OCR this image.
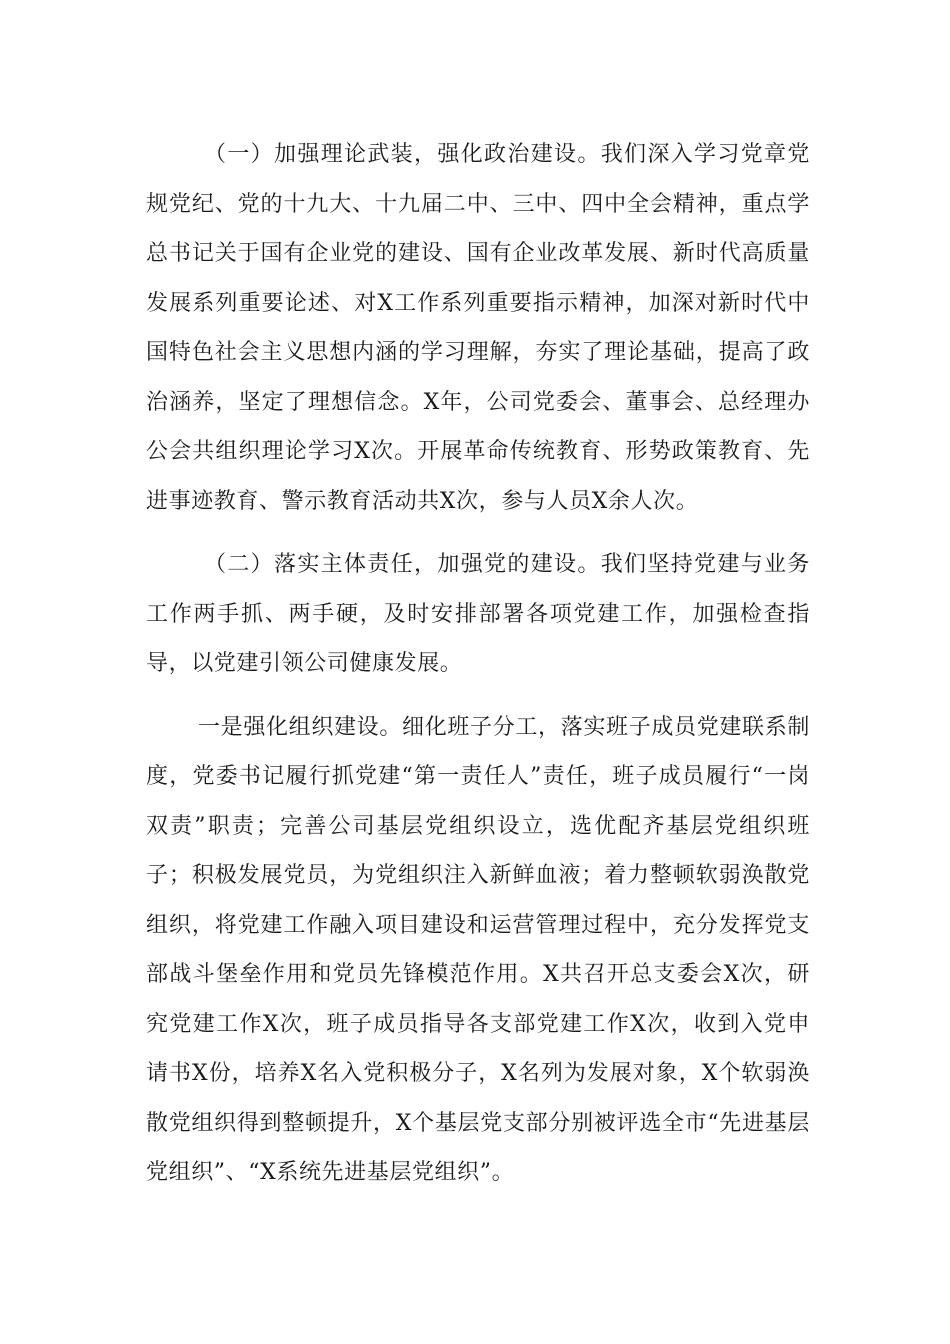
（一）加强理论武装，强化政治建设。我们深入学习党章党规党纪、党的十九大、十九届二中、三中、四中全会精神，重点学总书记关于国有企业党的建设、国有企业改革发展、新时代高质量发展系列重要论述、对X工作系列重要指示精神，加深对新时代中国特色社会主义思想内涵的学习理解，夯实了理论基础，提高了政治涵养，坚定了理想信念。X年，公司党委会、董事会、总经理办公会共组织理论学习X次。开展革命传统教育、形势政策教育、先进事迹教育、警示教育活动共X次，参与人员X余人次。

（二）落实主体责任，加强党的建设。我们坚持党建与业务工作两手抓、两手硬，及时安排部署各项党建工作，加强检查指导，以党建引领公司健康发展。

一是强化组织建设。细化班子分工，落实班子成员党建联系制度，党委书记履行抓党建“第一责任人”责任，班子成员履行“一岗双责”职责；完善公司基层党组织设立，选优配齐基层党组织班子；积极发展党员，为党组织注入新鲜血液；着力整顿软弱涣散党组织，将党建工作融入项目建设和运营管理过程中，充分发挥党支部战斗堡垒作用和党员先锋模范作用。X共召开总支委会X次，研究党建工作X次，班子成员指导各支部党建工作X次，收到入党申请书X份，培养X名入党积极分子，X名列为发展对象，X个软弱涣散党组织得到整顿提升，X个基层党支部分别被评选全市“先进基层党组织”、“X系统先进基层党组织”。
